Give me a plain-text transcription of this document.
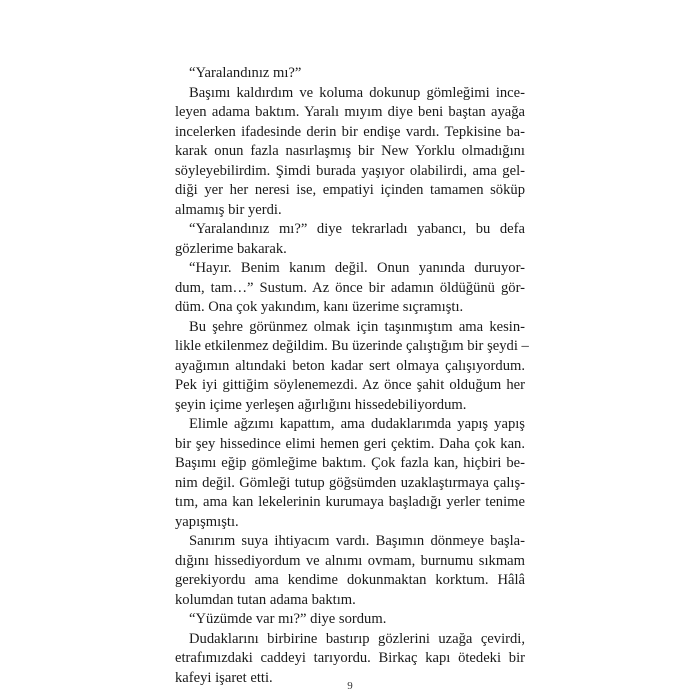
“Yaralandınız mı?”
Başımı kaldırdım ve koluma dokunup gömleğimi ince-
leyen adama baktım. Yaralı mıyım diye beni baştan ayağa
incelerken ifadesinde derin bir endişe vardı. Tepkisine ba-
karak onun fazla nasırlaşmış bir New Yorklu olmadığını
söyleyebilirdim. Şimdi burada yaşıyor olabilirdi, ama gel-
diği yer her neresi ise, empatiyi içinden tamamen söküp
almamış bir yerdi.
“Yaralandınız mı?” diye tekrarladı yabancı, bu defa
gözlerime bakarak.
“Hayır. Benim kanım değil. Onun yanında duruyor-
dum, tam…” Sustum. Az önce bir adamın öldüğünü gör-
düm. Ona çok yakındım, kanı üzerime sıçramıştı.
Bu şehre görünmez olmak için taşınmıştım ama kesin-
likle etkilenmez değildim. Bu üzerinde çalıştığım bir şeydi –
ayağımın altındaki beton kadar sert olmaya çalışıyordum.
Pek iyi gittiğim söylenemezdi. Az önce şahit olduğum her
şeyin içime yerleşen ağırlığını hissedebiliyordum.
Elimle ağzımı kapattım, ama dudaklarımda yapış yapış
bir şey hissedince elimi hemen geri çektim. Daha çok kan.
Başımı eğip gömleğime baktım. Çok fazla kan, hiçbiri be-
nim değil. Gömleği tutup göğsümden uzaklaştırmaya çalış-
tım, ama kan lekelerinin kurumaya başladığı yerler tenime
yapışmıştı.
Sanırım suya ihtiyacım vardı. Başımın dönmeye başla-
dığını hissediyordum ve alnımı ovmam, burnumu sıkmam
gerekiyordu ama kendime dokunmaktan korktum. Hâlâ
kolumdan tutan adama baktım.
“Yüzümde var mı?” diye sordum.
Dudaklarını birbirine bastırıp gözlerini uzağa çevirdi,
etrafımızdaki caddeyi tarıyordu. Birkaç kapı ötedeki bir
kafeyi işaret etti.
9
